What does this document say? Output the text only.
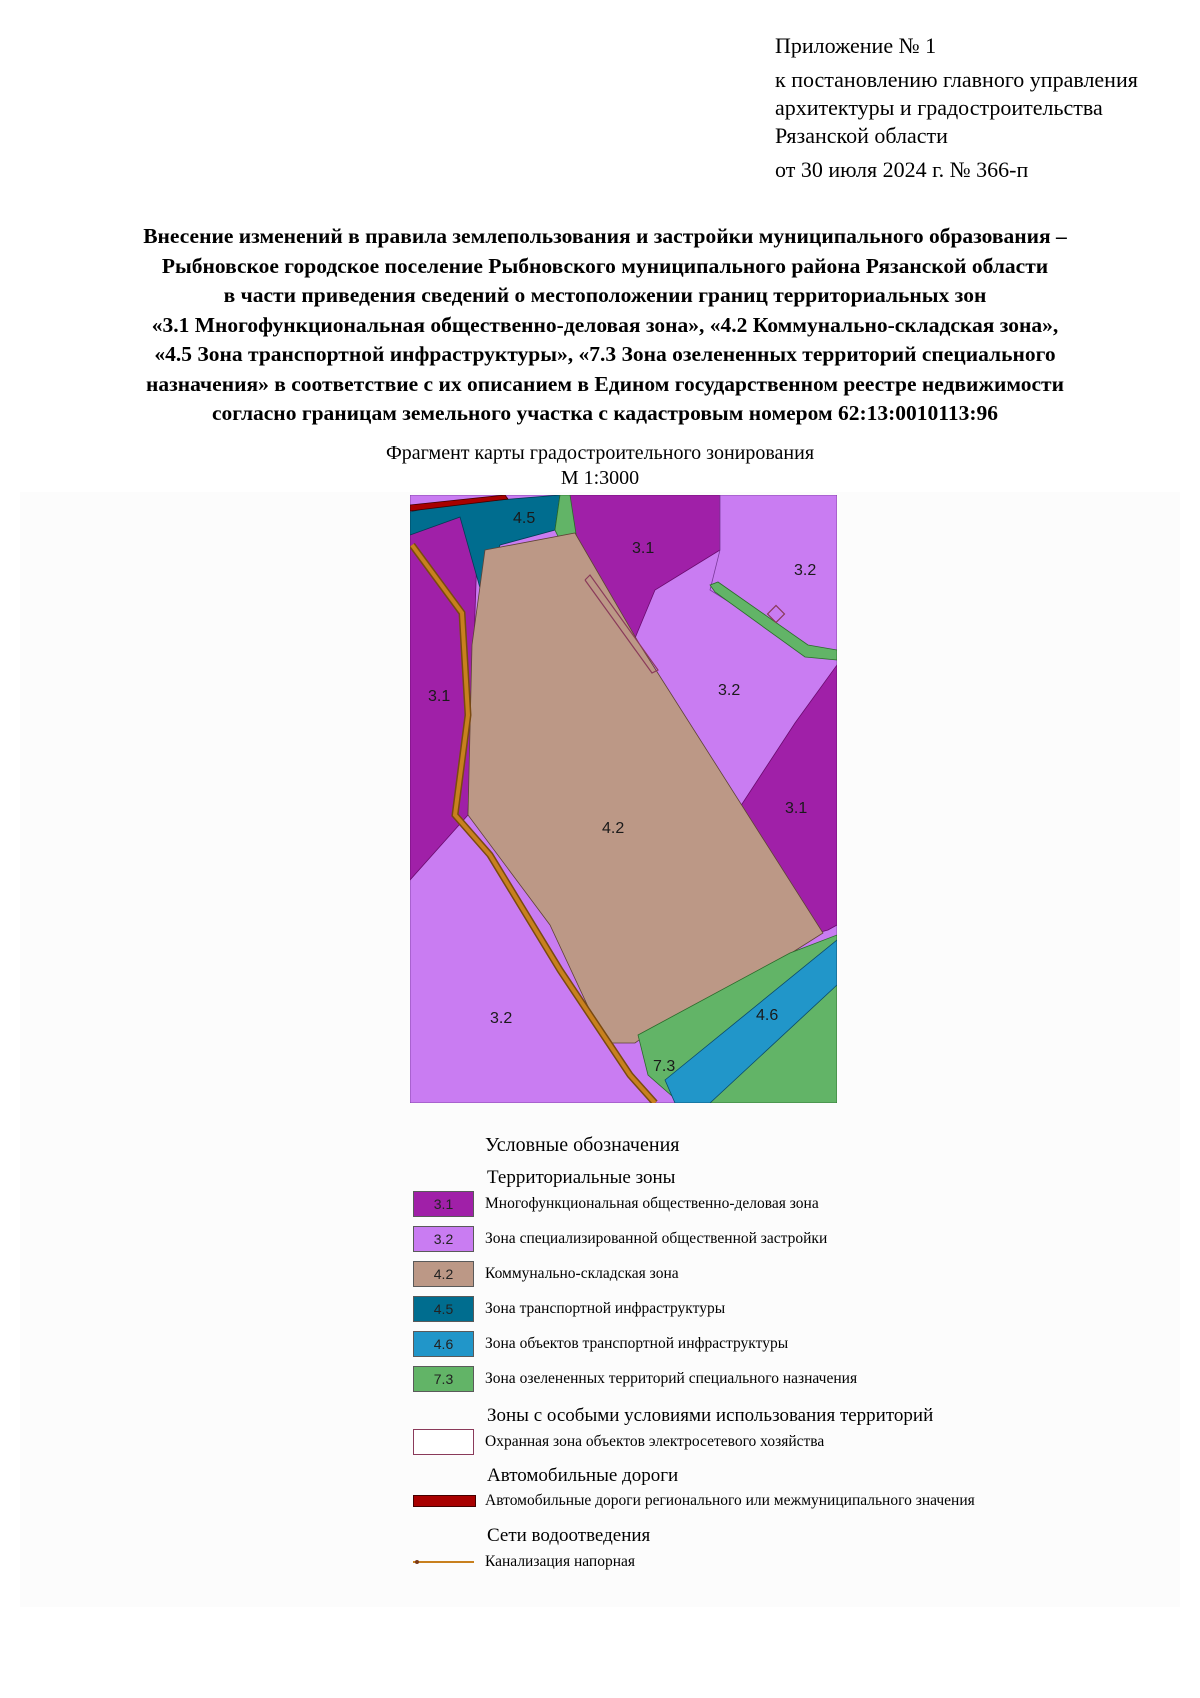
Приложение № 1
к постановлению главного управления
архитектуры и градостроительства
Рязанской области
от 30 июля 2024 г. № 366-п
Внесение изменений в правила землепользования и застройки муниципального образования –
Рыбновское городское поселение Рыбновского муниципального района Рязанской области
в части приведения сведений о местоположении границ территориальных зон
«3.1 Многофункциональная общественно-деловая зона», «4.2 Коммунально-складская зона»,
«4.5 Зона транспортной инфраструктуры», «7.3 Зона озелененных территорий специального
назначения» в соответствие с их описанием в Едином государственном реестре недвижимости
согласно границам земельного участка с кадастровым номером 62:13:0010113:96
Фрагмент карты градостроительного зонирования
М 1:3000
4.5
3.1
3.2
3.2
3.1
4.2
3.1
4.6
3.2
7.3
Условные обозначения
Территориальные зоны
3.1	Многофункциональная общественно-деловая зона
3.2	Зона специализированной общественной застройки
4.2	Коммунально-складская зона
4.5	Зона транспортной инфраструктуры
4.6	Зона объектов транспортной инфраструктуры
7.3	Зона озелененных территорий специального назначения
Зоны с особыми условиями использования территорий
Охранная зона объектов электросетевого хозяйства
Автомобильные дороги
Автомобильные дороги регионального или межмуниципального значения
Сети водоотведения
Канализация напорная
